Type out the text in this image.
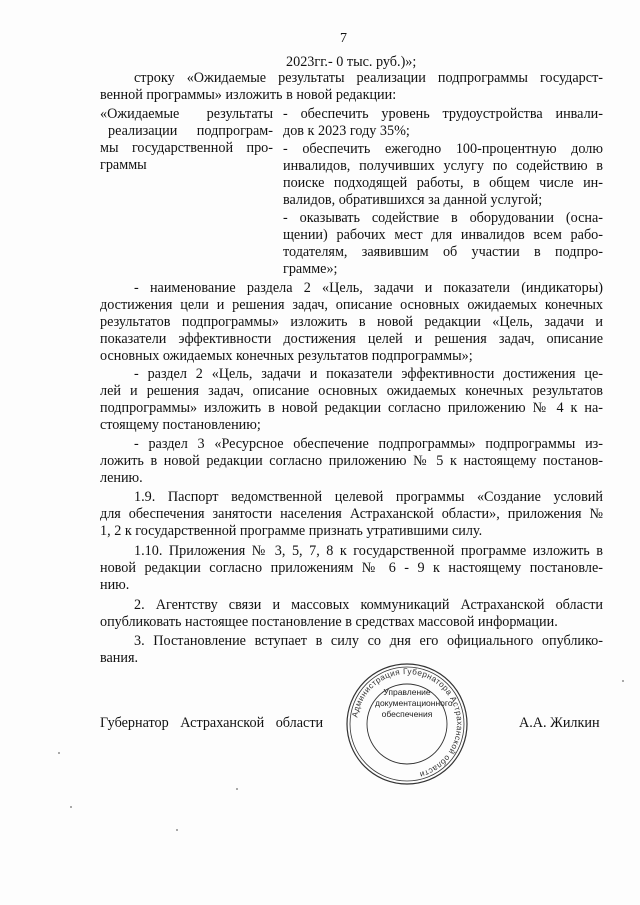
7
2023гг.- 0 тыс. руб.)»;
строку «Ожидаемые результаты реализации подпрограммы государст-
венной программы» изложить в новой редакции:
«Ожидаемые результаты
реализации подпрограм-
мы государственной про-
граммы
- обеспечить уровень трудоустройства инвали-
дов к 2023 году 35%;
- обеспечить ежегодно 100-процентную долю
инвалидов, получивших услугу по содействию в
поиске подходящей работы, в общем числе ин-
валидов, обратившихся за данной услугой;
- оказывать содействие в оборудовании (осна-
щении) рабочих мест для инвалидов всем рабо-
тодателям, заявившим об участии в подпро-
грамме»;
- наименование раздела 2 «Цель, задачи и показатели (индикаторы)
достижения цели и решения задач, описание основных ожидаемых конечных
результатов подпрограммы» изложить в новой редакции «Цель, задачи и
показатели эффективности достижения целей и решения задач, описание
основных ожидаемых конечных результатов подпрограммы»;
- раздел 2 «Цель, задачи и показатели эффективности достижения це-
лей и решения задач, описание основных ожидаемых конечных результатов
подпрограммы» изложить в новой редакции согласно приложению № 4 к на-
стоящему постановлению;
- раздел 3 «Ресурсное обеспечение подпрограммы» подпрограммы из-
ложить в новой редакции согласно приложению № 5 к настоящему постанов-
лению.
1.9. Паспорт ведомственной целевой программы «Создание условий
для обеспечения занятости населения Астраханской области», приложения №
1, 2 к государственной программе признать утратившими силу.
1.10. Приложения № 3, 5, 7, 8 к государственной программе изложить в
новой редакции согласно приложениям № 6 - 9 к настоящему постановле-
нию.
2. Агентству связи и массовых коммуникаций Астраханской области
опубликовать настоящее постановление в средствах массовой информации.
3. Постановление вступает в силу со дня его официального опублико-
вания.
Губернатор Астраханской области	А.А. Жилкин
Администрация Губернатора Астраханской области
Управление
документационного
обеспечения
